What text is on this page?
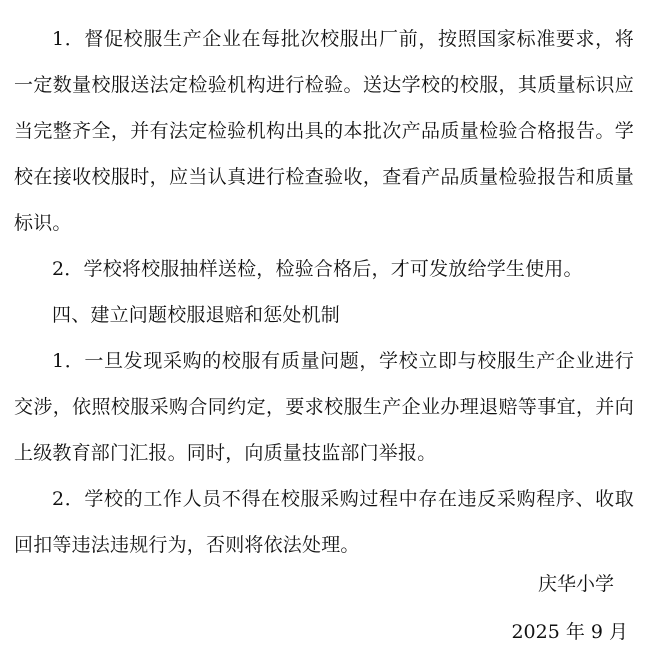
1．督促校服生产企业在每批次校服出厂前，按照国家标准要求，将一定数量校服送法定检验机构进行检验。送达学校的校服，其质量标识应当完整齐全，并有法定检验机构出具的本批次产品质量检验合格报告。学校在接收校服时，应当认真进行检查验收，查看产品质量检验报告和质量标识。

2．学校将校服抽样送检，检验合格后，才可发放给学生使用。

四、建立问题校服退赔和惩处机制

1．一旦发现采购的校服有质量问题，学校立即与校服生产企业进行交涉，依照校服采购合同约定，要求校服生产企业办理退赔等事宜，并向上级教育部门汇报。同时，向质量技监部门举报。

2．学校的工作人员不得在校服采购过程中存在违反采购程序、收取回扣等违法违规行为，否则将依法处理。

庆华小学

2025 年 9 月
